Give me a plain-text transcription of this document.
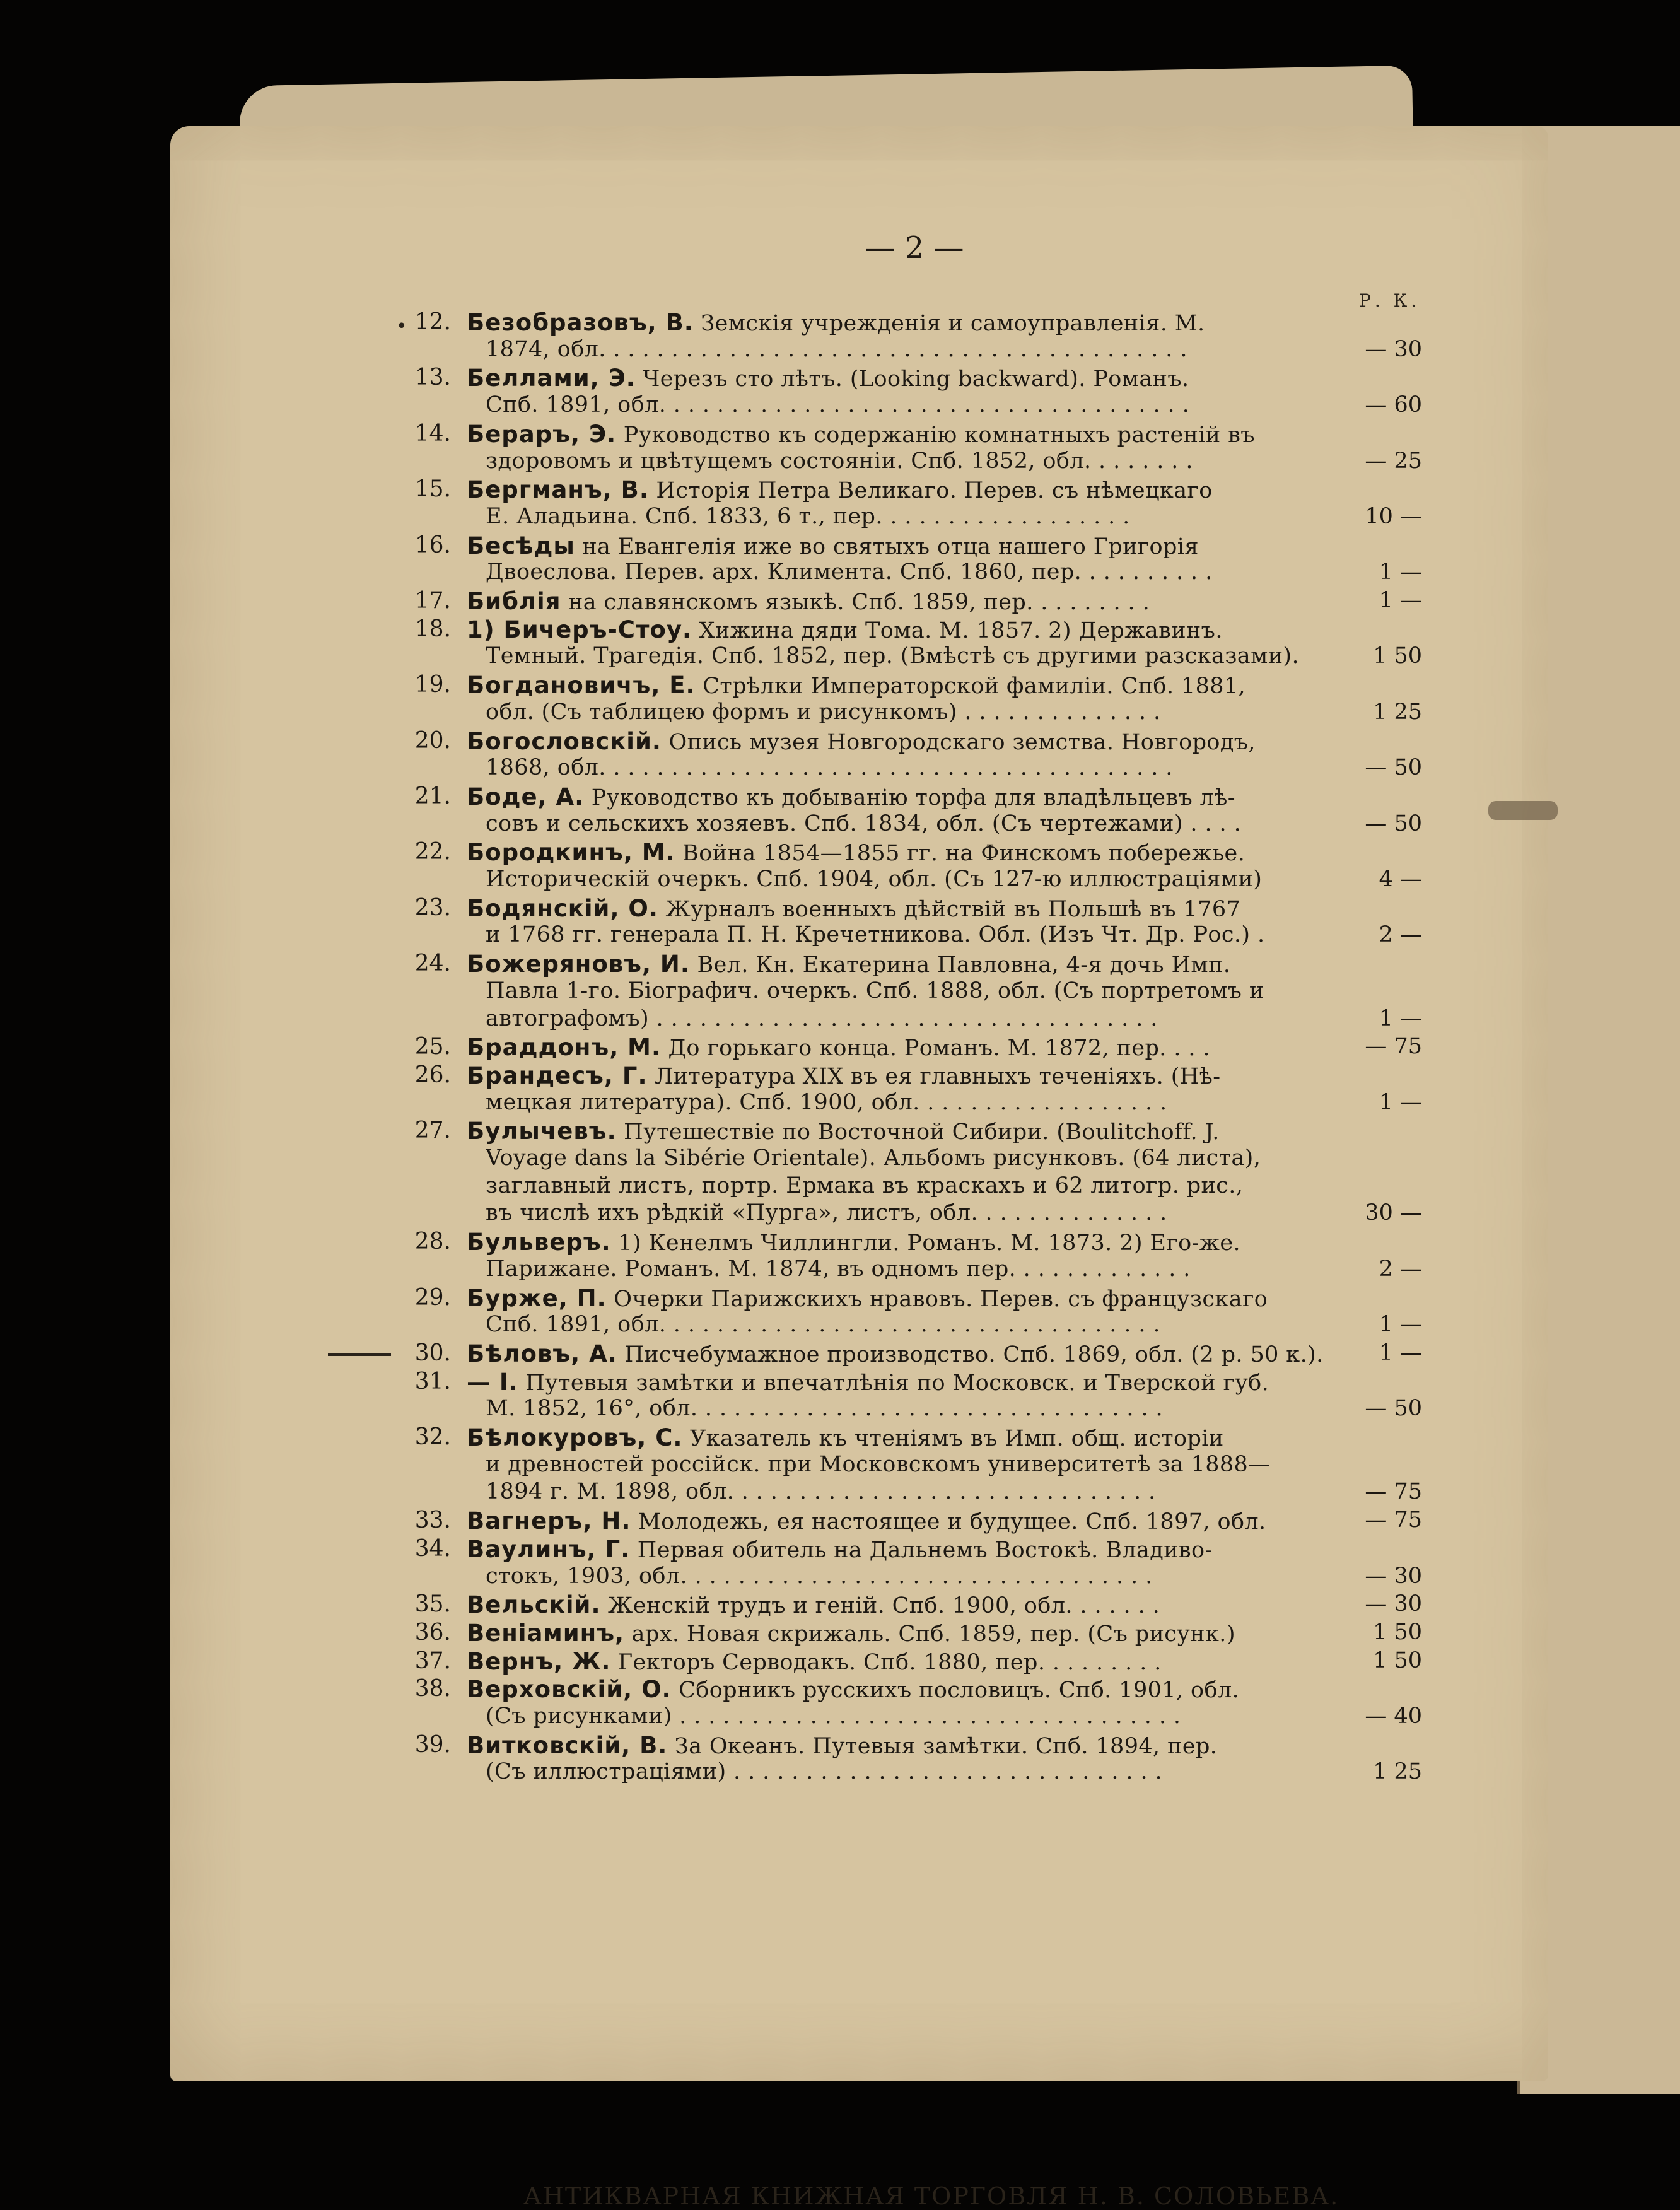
— 2 —
Р. К.
• 12. Безобразовъ, В. Земскія учрежденія и самоуправленія. М.
1874, обл. . . . . . . . . . . . . . . . . . . . . . . . . . . . . . . . . . . . . . . . .	— 30
13. Беллами, Э. Черезъ сто лѣтъ. (Looking backward). Романъ.
Спб. 1891, обл. . . . . . . . . . . . . . . . . . . . . . . . . . . . . . . . . . . . .	— 60
14. Бераръ, Э. Руководство къ содержанію комнатныхъ растеній въ
здоровомъ и цвѣтущемъ состояніи. Спб. 1852, обл. . . . . . . .	— 25
15. Бергманъ, В. Исторія Петра Великаго. Перев. съ нѣмецкаго
Е. Аладьина. Спб. 1833, 6 т., пер. . . . . . . . . . . . . . . . . .	10 —
16. Бесѣды на Евангелія иже во святыхъ отца нашего Григорія
Двоеслова. Перев. арх. Климента. Спб. 1860, пер. . . . . . . . . .	1 —
17. Библія на славянскомъ языкѣ. Спб. 1859, пер. . . . . . . . .	1 —
18. 1) Бичеръ-Стоу. Хижина дяди Тома. М. 1857. 2) Державинъ.
Темный. Трагедія. Спб. 1852, пер. (Вмѣстѣ съ другими разсказами).	1 50
19. Богдановичъ, Е. Стрѣлки Императорской фамиліи. Спб. 1881,
обл. (Съ таблицею формъ и рисункомъ) . . . . . . . . . . . . . .	1 25
20. Богословскій. Опись музея Новгородскаго земства. Новгородъ,
1868, обл. . . . . . . . . . . . . . . . . . . . . . . . . . . . . . . . . . . . . . . .	— 50
21. Боде, А. Руководство къ добыванію торфа для владѣльцевъ лѣ-
совъ и сельскихъ хозяевъ. Спб. 1834, обл. (Съ чертежами) . . . .	— 50
22. Бородкинъ, М. Война 1854—1855 гг. на Финскомъ побережье.
Историческій очеркъ. Спб. 1904, обл. (Съ 127-ю иллюстраціями)	4 —
23. Бодянскій, О. Журналъ военныхъ дѣйствій въ Польшѣ въ 1767
и 1768 гг. генерала П. Н. Кречетникова. Обл. (Изъ Чт. Др. Рос.) .	2 —
24. Божеряновъ, И. Вел. Кн. Екатерина Павловна, 4-я дочь Имп.
Павла 1-го. Біографич. очеркъ. Спб. 1888, обл. (Съ портретомъ и
автографомъ) . . . . . . . . . . . . . . . . . . . . . . . . . . . . . . . . . . .	1 —
25. Браддонъ, М. До горькаго конца. Романъ. М. 1872, пер. . . .	— 75
26. Брандесъ, Г. Литература XIX въ ея главныхъ теченіяхъ. (Нѣ-
мецкая литература). Спб. 1900, обл. . . . . . . . . . . . . . . . . .	1 —
27. Булычевъ. Путешествіе по Восточной Сибири. (Boulitchoff. J.
Voyage dans la Sibérie Orientale). Альбомъ рисунковъ. (64 листа),
заглавный листъ, портр. Ермака въ краскахъ и 62 литогр. рис.,
въ числѣ ихъ рѣдкій «Пурга», листъ, обл. . . . . . . . . . . . . .	30 —
28. Бульверъ. 1) Кенелмъ Чиллингли. Романъ. М. 1873. 2) Его-же.
Парижане. Романъ. М. 1874, въ одномъ пер. . . . . . . . . . . . .	2 —
29. Бурже, П. Очерки Парижскихъ нравовъ. Перев. съ французскаго
Спб. 1891, обл. . . . . . . . . . . . . . . . . . . . . . . . . . . . . . . . . . .	1 —
30. Бѣловъ, А. Писчебумажное производство. Спб. 1869, обл. (2 р. 50 к.).	1 —
31. — I. Путевыя замѣтки и впечатлѣнія по Московск. и Тверской губ.
М. 1852, 16°, обл. . . . . . . . . . . . . . . . . . . . . . . . . . . . . . . . .	— 50
32. Бѣлокуровъ, С. Указатель къ чтеніямъ въ Имп. общ. исторіи
и древностей россійск. при Московскомъ университетѣ за 1888—
1894 г. М. 1898, обл. . . . . . . . . . . . . . . . . . . . . . . . . . . . . .	— 75
33. Вагнеръ, Н. Молодежь, ея настоящее и будущее. Спб. 1897, обл.	— 75
34. Ваулинъ, Г. Первая обитель на Дальнемъ Востокѣ. Владиво-
стокъ, 1903, обл. . . . . . . . . . . . . . . . . . . . . . . . . . . . . . . . .	— 30
35. Вельскій. Женскій трудъ и геній. Спб. 1900, обл. . . . . . .	— 30
36. Веніаминъ, арх. Новая скрижаль. Спб. 1859, пер. (Съ рисунк.)	1 50
37. Вернъ, Ж. Гекторъ Серводакъ. Спб. 1880, пер. . . . . . . . .	1 50
38. Верховскій, О. Сборникъ русскихъ пословицъ. Спб. 1901, обл.
(Съ рисунками) . . . . . . . . . . . . . . . . . . . . . . . . . . . . . . . . . . .	— 40
39. Витковскій, В. За Океанъ. Путевыя замѣтки. Спб. 1894, пер.
(Съ иллюстраціями) . . . . . . . . . . . . . . . . . . . . . . . . . . . . . .	1 25
АНТИКВАРНАЯ КНИЖНАЯ ТОРГОВЛЯ Н. В. СОЛОВЬЕВА.
